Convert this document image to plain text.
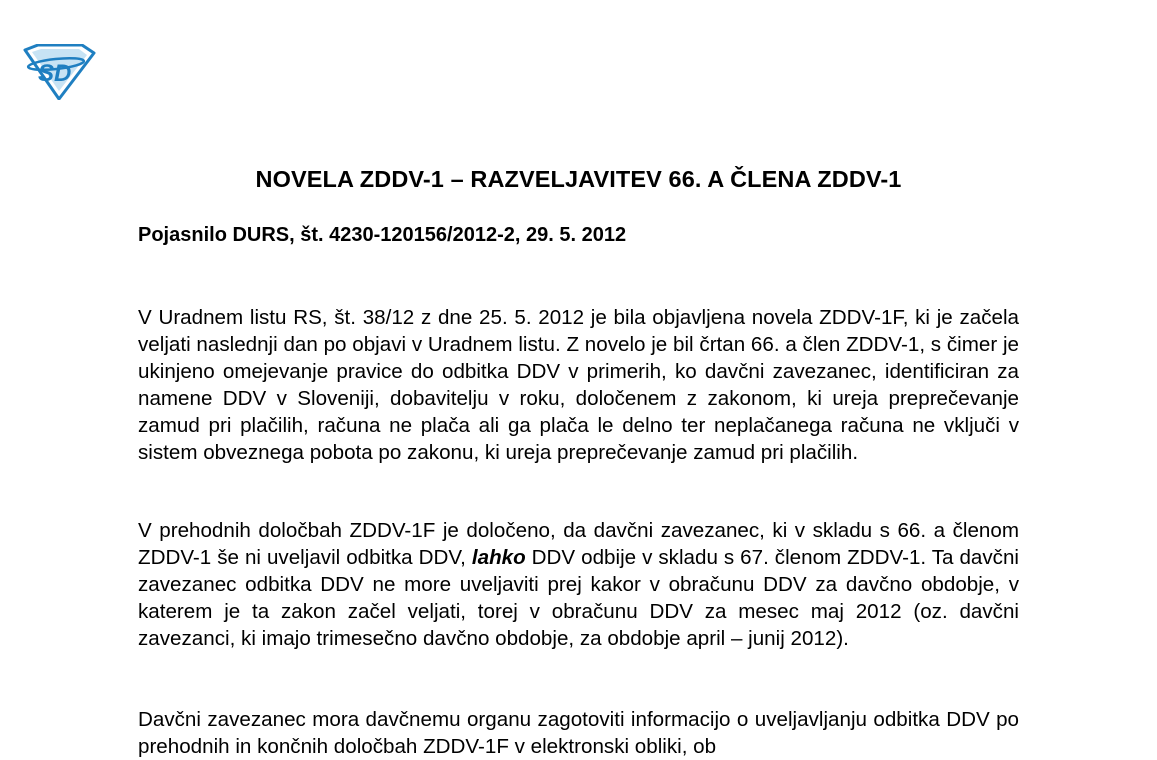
SD
NOVELA ZDDV-1 – RAZVELJAVITEV 66. A ČLENA ZDDV-1

Pojasnilo DURS, št. 4230-120156/2012-2, 29. 5. 2012

V Uradnem listu RS, št. 38/12 z dne 25. 5. 2012 je bila objavljena novela ZDDV-1F, ki je začela veljati naslednji dan po objavi v Uradnem listu. Z novelo je bil črtan 66. a člen ZDDV-1, s čimer je ukinjeno omejevanje pravice do odbitka DDV v primerih, ko davčni zavezanec, identificiran za namene DDV v Sloveniji, dobavitelju v roku, določenem z zakonom, ki ureja preprečevanje zamud pri plačilih, računa ne plača ali ga plača le delno ter neplačanega računa ne vključi v sistem obveznega pobota po zakonu, ki ureja preprečevanje zamud pri plačilih.

V prehodnih določbah ZDDV-1F je določeno, da davčni zavezanec, ki v skladu s 66. a členom ZDDV-1 še ni uveljavil odbitka DDV, lahko DDV odbije v skladu s 67. členom ZDDV-1. Ta davčni zavezanec odbitka DDV ne more uveljaviti prej kakor v obračunu DDV za davčno obdobje, v katerem je ta zakon začel veljati, torej v obračunu DDV za mesec maj 2012 (oz. davčni zavezanci, ki imajo trimesečno davčno obdobje, za obdobje april – junij 2012).

Davčni zavezanec mora davčnemu organu zagotoviti informacijo o uveljavljanju odbitka DDV po prehodnih in končnih določbah ZDDV-1F v elektronski obliki, ob
